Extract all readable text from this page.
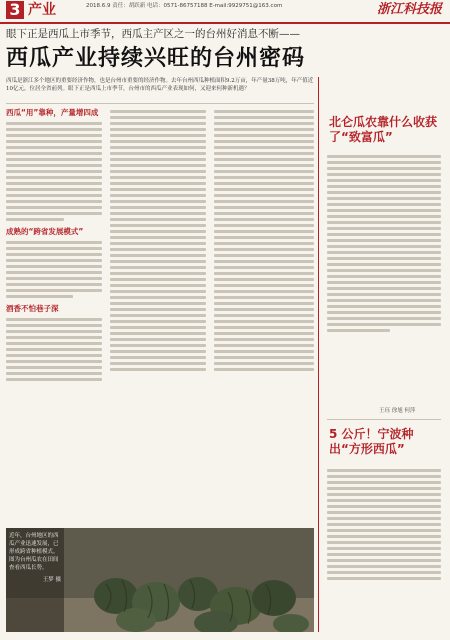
3 产业	2018.6.9 责任：胡跃新 电话：0571-86757188 E-mail:9929751@163.com	浙江科技报
眼下正是西瓜上市季节，西瓜主产区之一的台州好消息不断——
西瓜产业持续兴旺的台州密码
西瓜是浙江多个地区的重要经济作物，也是台州市重要的经济作物。去年台州西瓜种植面积9.2万亩，年产量38万吨，年产值近10亿元，位居全省前列。眼下正是西瓜上市季节，台州市的西瓜产业表现如何，又迎来何种新机遇？
西瓜“用”靠种，产量增四成
成熟的“跨省发展模式”
酒香不怕巷子深
近年，台州地区的西瓜产业迅速发展，已形成跨省种植模式。图为台州瓜农在田间查看西瓜长势。
王梦 摄
北仑瓜农靠什么收获了“致富瓜”
王珏 徐旭 何萍
5 公斤！宁波种出“方形西瓜”
